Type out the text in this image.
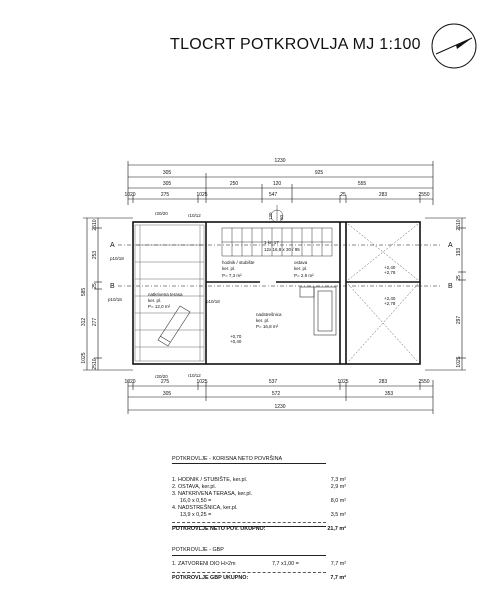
TLOCRT POTKROVLJA MJ 1:100
1230
305	925
305	250	120	555
1020	275	1025	547	25	283	2550
1020	275	1025	537	1025	283	2550
305	572	353
1230
2510
253
25
312 277
2510
585
1025
2510
193
25
297
1025
A
B
A
B
r20/20	r10/12
p10/18
r20/20	r10/12
p10/18	p10/18
120 60
hodnik / stubište
ker. pl.
P= 7,3 m²
ostava
ker. pl.
P= 2,9 m²
natkrivena terasa
ker. pl.
P= 12,0 m²
nadstrešnica
ker. pl.
P= 16,8 m²
1 kn 17
12x 16,8 x 30 / 95
+2,40
+2,78
+2,40
+2,78
+0,70
+0,40
POTKROVLJE - KORISNA NETO POVRŠINA
1. HODNIK / STUBIŠTE, ker.pl.	7,3 m²
2. OSTAVA, ker.pl.	2,9 m²
3. NATKRIVENA TERASA, ker.pl.
16,0 x 0,50 =	8,0 m²
4. NADSTREŠNICA, ker.pl.
13,9 x 0,25 =	3,5 m²
POTKROVLJE NETO POV. UKUPNO:	21,7 m²
POTKROVLJE - GBP
1. ZATVORENI DIO H>2m	7,7 x1,00 =	7,7 m²
POTKROVLJE GBP UKUPNO:	7,7 m²
